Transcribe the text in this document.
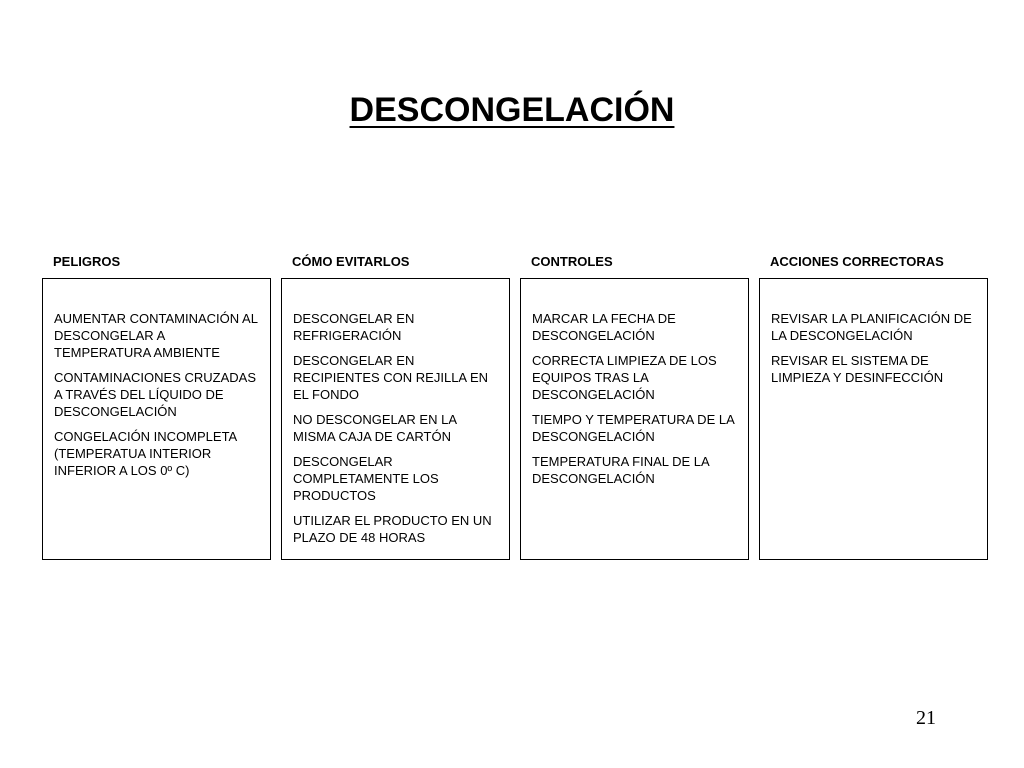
DESCONGELACIÓN
PELIGROS

AUMENTAR CONTAMINACIÓN AL DESCONGELAR A TEMPERATURA AMBIENTE

CONTAMINACIONES CRUZADAS A TRAVÉS DEL LÍQUIDO DE DESCONGELACIÓN

CONGELACIÓN INCOMPLETA (TEMPERATUA INTERIOR INFERIOR A LOS 0º C)

CÓMO EVITARLOS

DESCONGELAR EN REFRIGERACIÓN

DESCONGELAR EN RECIPIENTES CON REJILLA EN EL FONDO

NO DESCONGELAR EN LA MISMA CAJA DE CARTÓN

DESCONGELAR COMPLETAMENTE LOS PRODUCTOS

UTILIZAR EL PRODUCTO EN UN PLAZO DE 48 HORAS

CONTROLES

MARCAR LA FECHA DE DESCONGELACIÓN

CORRECTA LIMPIEZA DE LOS EQUIPOS TRAS LA DESCONGELACIÓN

TIEMPO Y TEMPERATURA DE LA DESCONGELACIÓN

TEMPERATURA FINAL DE LA DESCONGELACIÓN

ACCIONES CORRECTORAS

REVISAR LA PLANIFICACIÓN DE LA DESCONGELACIÓN

REVISAR EL SISTEMA DE LIMPIEZA Y DESINFECCIÓN

21
